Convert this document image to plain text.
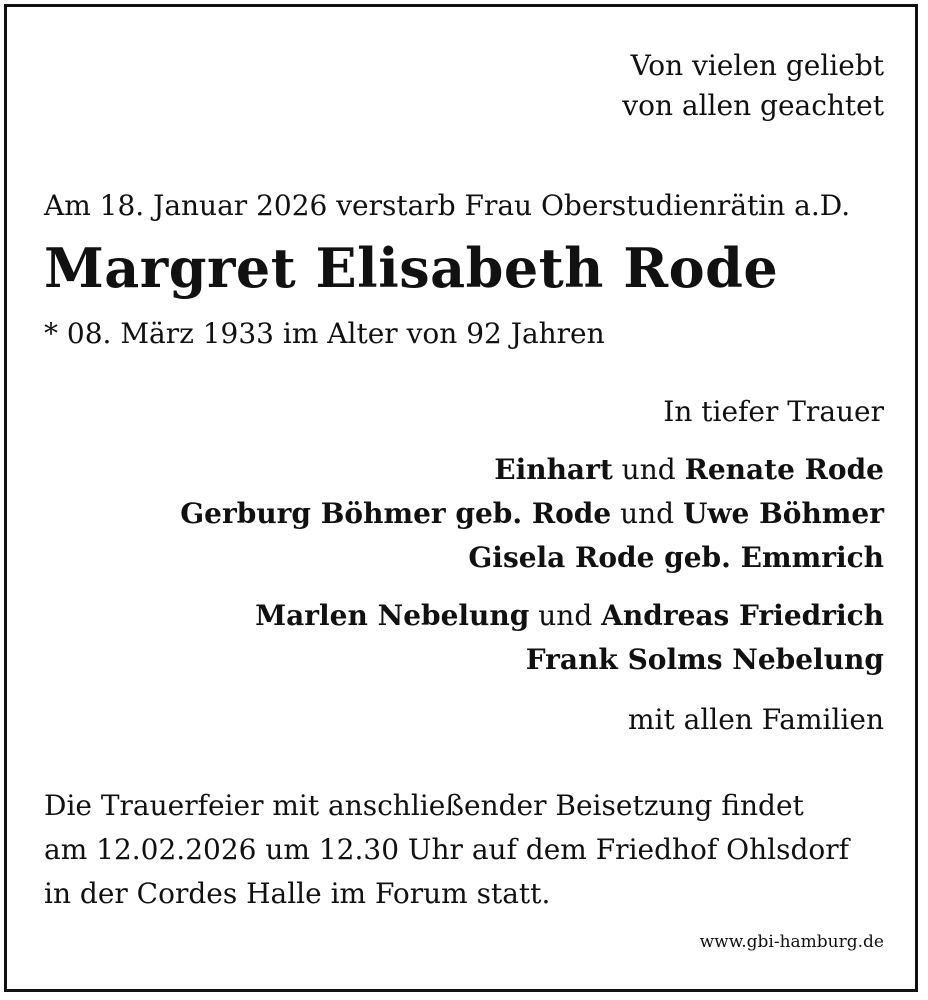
Von vielen geliebt
von allen geachtet
Am 18. Januar 2026 verstarb Frau Oberstudienrätin a.D.
Margret Elisabeth Rode
* 08. März 1933 im Alter von 92 Jahren
In tiefer Trauer
Einhart und Renate Rode
Gerburg Böhmer geb. Rode und Uwe Böhmer
Gisela Rode geb. Emmrich
Marlen Nebelung und Andreas Friedrich
Frank Solms Nebelung
mit allen Familien
Die Trauerfeier mit anschließender Beisetzung findet
am 12.02.2026 um 12.30 Uhr auf dem Friedhof Ohlsdorf
in der Cordes Halle im Forum statt.
www.gbi-hamburg.de
